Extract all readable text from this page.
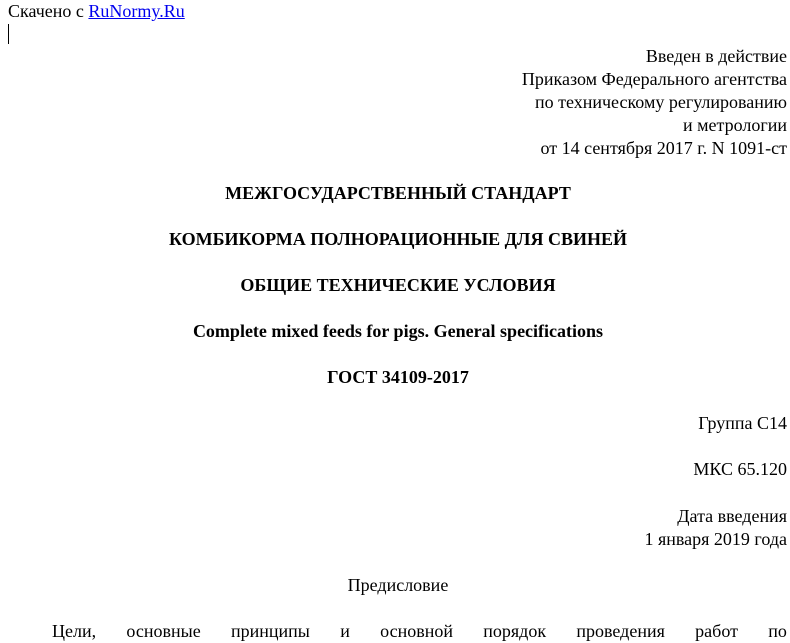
Скачено с RuNormy.Ru
Введен в действие
Приказом Федерального агентства
по техническому регулированию
и метрологии
от 14 сентября 2017 г. N 1091-ст
МЕЖГОСУДАРСТВЕННЫЙ СТАНДАРТ
КОМБИКОРМА ПОЛНОРАЦИОННЫЕ ДЛЯ СВИНЕЙ
ОБЩИЕ ТЕХНИЧЕСКИЕ УСЛОВИЯ
Complete mixed feeds for pigs. General specifications
ГОСТ 34109-2017
Группа С14
МКС 65.120
Дата введения
1 января 2019 года
Предисловие
Цели, основные принципы и основной порядок проведения работ по
